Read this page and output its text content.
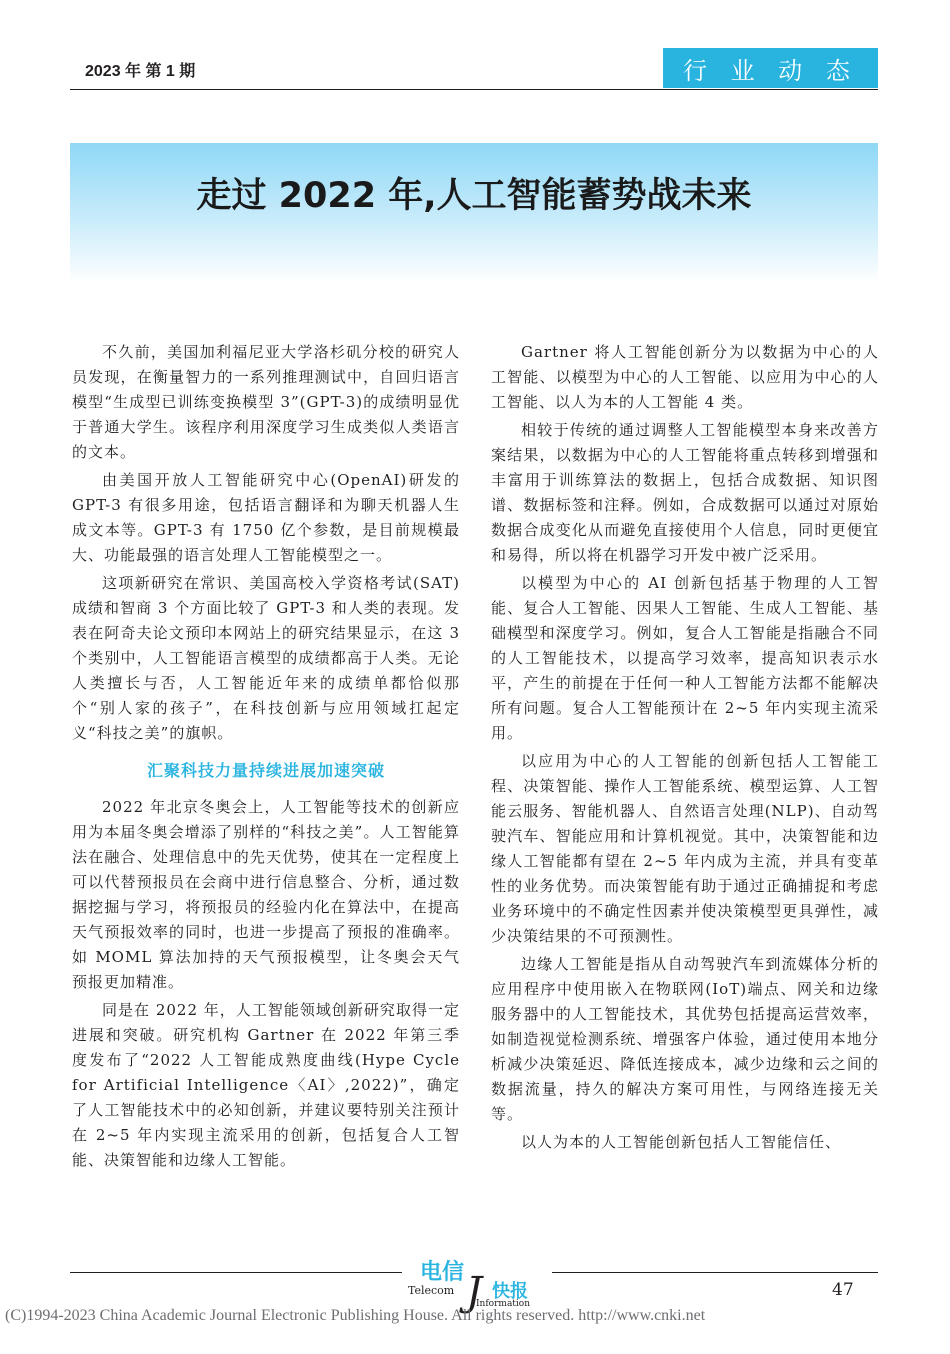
2023 年 第 1 期	行 业 动 态
走过 2022 年,人工智能蓄势战未来

不久前，美国加利福尼亚大学洛杉矶分校的研究人员发现，在衡量智力的一系列推理测试中，自回归语言模型“生成型已训练变换模型 3”(GPT-3)的成绩明显优于普通大学生。该程序利用深度学习生成类似人类语言的文本。

由美国开放人工智能研究中心(OpenAI)研发的 GPT-3 有很多用途，包括语言翻译和为聊天机器人生成文本等。GPT-3 有 1750 亿个参数，是目前规模最大、功能最强的语言处理人工智能模型之一。

这项新研究在常识、美国高校入学资格考试(SAT)成绩和智商 3 个方面比较了 GPT-3 和人类的表现。发表在阿奇夫论文预印本网站上的研究结果显示，在这 3 个类别中，人工智能语言模型的成绩都高于人类。无论人类擅长与否，人工智能近年来的成绩单都恰似那个“别人家的孩子”，在科技创新与应用领域扛起定义“科技之美”的旗帜。

汇聚科技力量持续进展加速突破

2022 年北京冬奥会上，人工智能等技术的创新应用为本届冬奥会增添了别样的“科技之美”。人工智能算法在融合、处理信息中的先天优势，使其在一定程度上可以代替预报员在会商中进行信息整合、分析，通过数据挖掘与学习，将预报员的经验内化在算法中，在提高天气预报效率的同时，也进一步提高了预报的准确率。如 MOML 算法加持的天气预报模型，让冬奥会天气预报更加精准。

同是在 2022 年，人工智能领域创新研究取得一定进展和突破。研究机构 Gartner 在 2022 年第三季度发布了“2022 人工智能成熟度曲线(Hype Cycle for Artificial Intelligence〈AI〉,2022)”，确定了人工智能技术中的必知创新，并建议要特别关注预计在 2~5 年内实现主流采用的创新，包括复合人工智能、决策智能和边缘人工智能。

Gartner 将人工智能创新分为以数据为中心的人工智能、以模型为中心的人工智能、以应用为中心的人工智能、以人为本的人工智能 4 类。

相较于传统的通过调整人工智能模型本身来改善方案结果，以数据为中心的人工智能将重点转移到增强和丰富用于训练算法的数据上，包括合成数据、知识图谱、数据标签和注释。例如，合成数据可以通过对原始数据合成变化从而避免直接使用个人信息，同时更便宜和易得，所以将在机器学习开发中被广泛采用。

以模型为中心的 AI 创新包括基于物理的人工智能、复合人工智能、因果人工智能、生成人工智能、基础模型和深度学习。例如，复合人工智能是指融合不同的人工智能技术，以提高学习效率，提高知识表示水平，产生的前提在于任何一种人工智能方法都不能解决所有问题。复合人工智能预计在 2~5 年内实现主流采用。

以应用为中心的人工智能的创新包括人工智能工程、决策智能、操作人工智能系统、模型运算、人工智能云服务、智能机器人、自然语言处理(NLP)、自动驾驶汽车、智能应用和计算机视觉。其中，决策智能和边缘人工智能都有望在 2~5 年内成为主流，并具有变革性的业务优势。而决策智能有助于通过正确捕捉和考虑业务环境中的不确定性因素并使决策模型更具弹性，减少决策结果的不可预测性。

边缘人工智能是指从自动驾驶汽车到流媒体分析的应用程序中使用嵌入在物联网(IoT)端点、网关和边缘服务器中的人工智能技术，其优势包括提高运营效率，如制造视觉检测系统、增强客户体验，通过使用本地分析减少决策延迟、降低连接成本，减少边缘和云之间的数据流量，持久的解决方案可用性，与网络连接无关等。

以人为本的人工智能创新包括人工智能信任、

电信
Telecom J 快报
Information
47
(C)1994-2023 China Academic Journal Electronic Publishing House. All rights reserved. http://www.cnki.net
